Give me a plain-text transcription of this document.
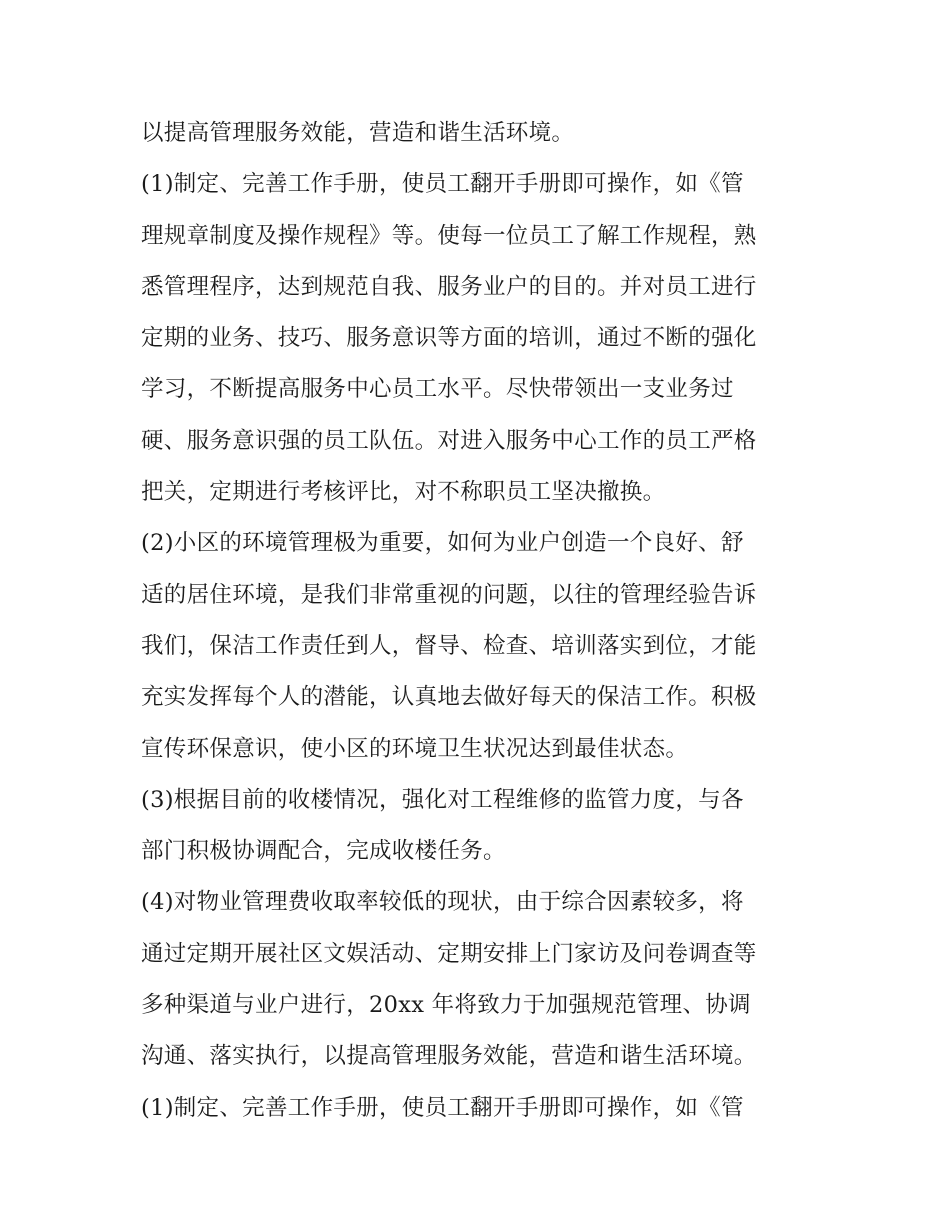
以提高管理服务效能，营造和谐生活环境。
(1)制定、完善工作手册，使员工翻开手册即可操作，如《管
理规章制度及操作规程》等。使每一位员工了解工作规程，熟
悉管理程序，达到规范自我、服务业户的目的。并对员工进行
定期的业务、技巧、服务意识等方面的培训，通过不断的强化
学习，不断提高服务中心员工水平。尽快带领出一支业务过
硬、服务意识强的员工队伍。对进入服务中心工作的员工严格
把关，定期进行考核评比，对不称职员工坚决撤换。
(2)小区的环境管理极为重要，如何为业户创造一个良好、舒
适的居住环境，是我们非常重视的问题，以往的管理经验告诉
我们，保洁工作责任到人，督导、检查、培训落实到位，才能
充实发挥每个人的潜能，认真地去做好每天的保洁工作。积极
宣传环保意识，使小区的环境卫生状况达到最佳状态。
(3)根据目前的收楼情况，强化对工程维修的监管力度，与各
部门积极协调配合，完成收楼任务。
(4)对物业管理费收取率较低的现状，由于综合因素较多，将
通过定期开展社区文娱活动、定期安排上门家访及问卷调查等
多种渠道与业户进行，20xx 年将致力于加强规范管理、协调
沟通、落实执行，以提高管理服务效能，营造和谐生活环境。
(1)制定、完善工作手册，使员工翻开手册即可操作，如《管
